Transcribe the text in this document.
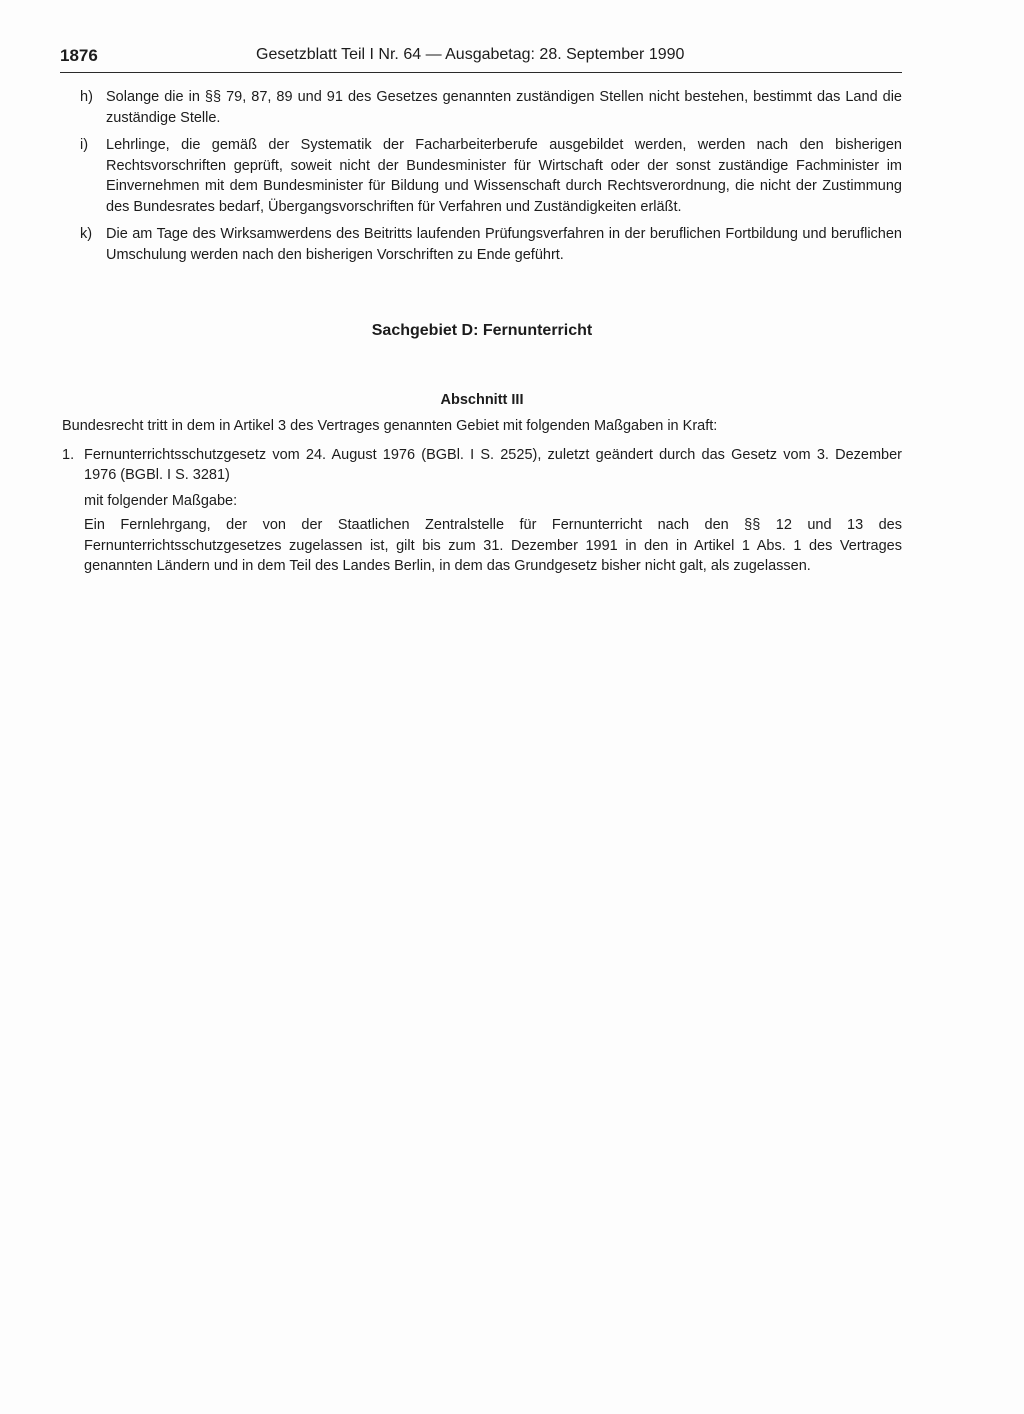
1876	Gesetzblatt Teil I Nr. 64 — Ausgabetag: 28. September 1990
h) Solange die in §§ 79, 87, 89 und 91 des Gesetzes genannten zuständigen Stellen nicht bestehen, bestimmt das Land die zuständige Stelle.
i) Lehrlinge, die gemäß der Systematik der Facharbeiterberufe ausgebildet werden, werden nach den bisherigen Rechtsvorschriften geprüft, soweit nicht der Bundesminister für Wirtschaft oder der sonst zuständige Fachminister im Einvernehmen mit dem Bundesminister für Bildung und Wissenschaft durch Rechtsverordnung, die nicht der Zustimmung des Bundesrates bedarf, Übergangsvorschriften für Verfahren und Zuständigkeiten erläßt.
k) Die am Tage des Wirksamwerdens des Beitritts laufenden Prüfungsverfahren in der beruflichen Fortbildung und beruflichen Umschulung werden nach den bisherigen Vorschriften zu Ende geführt.
Sachgebiet D: Fernunterricht
Abschnitt III
Bundesrecht tritt in dem in Artikel 3 des Vertrages genannten Gebiet mit folgenden Maßgaben in Kraft:
1. Fernunterrichtsschutzgesetz vom 24. August 1976 (BGBl. I S. 2525), zuletzt geändert durch das Gesetz vom 3. Dezember 1976 (BGBl. I S. 3281)
mit folgender Maßgabe:
Ein Fernlehrgang, der von der Staatlichen Zentralstelle für Fernunterricht nach den §§ 12 und 13 des Fernunterrichtsschutzgesetzes zugelassen ist, gilt bis zum 31. Dezember 1991 in den in Artikel 1 Abs. 1 des Vertrages genannten Ländern und in dem Teil des Landes Berlin, in dem das Grundgesetz bisher nicht galt, als zugelassen.
